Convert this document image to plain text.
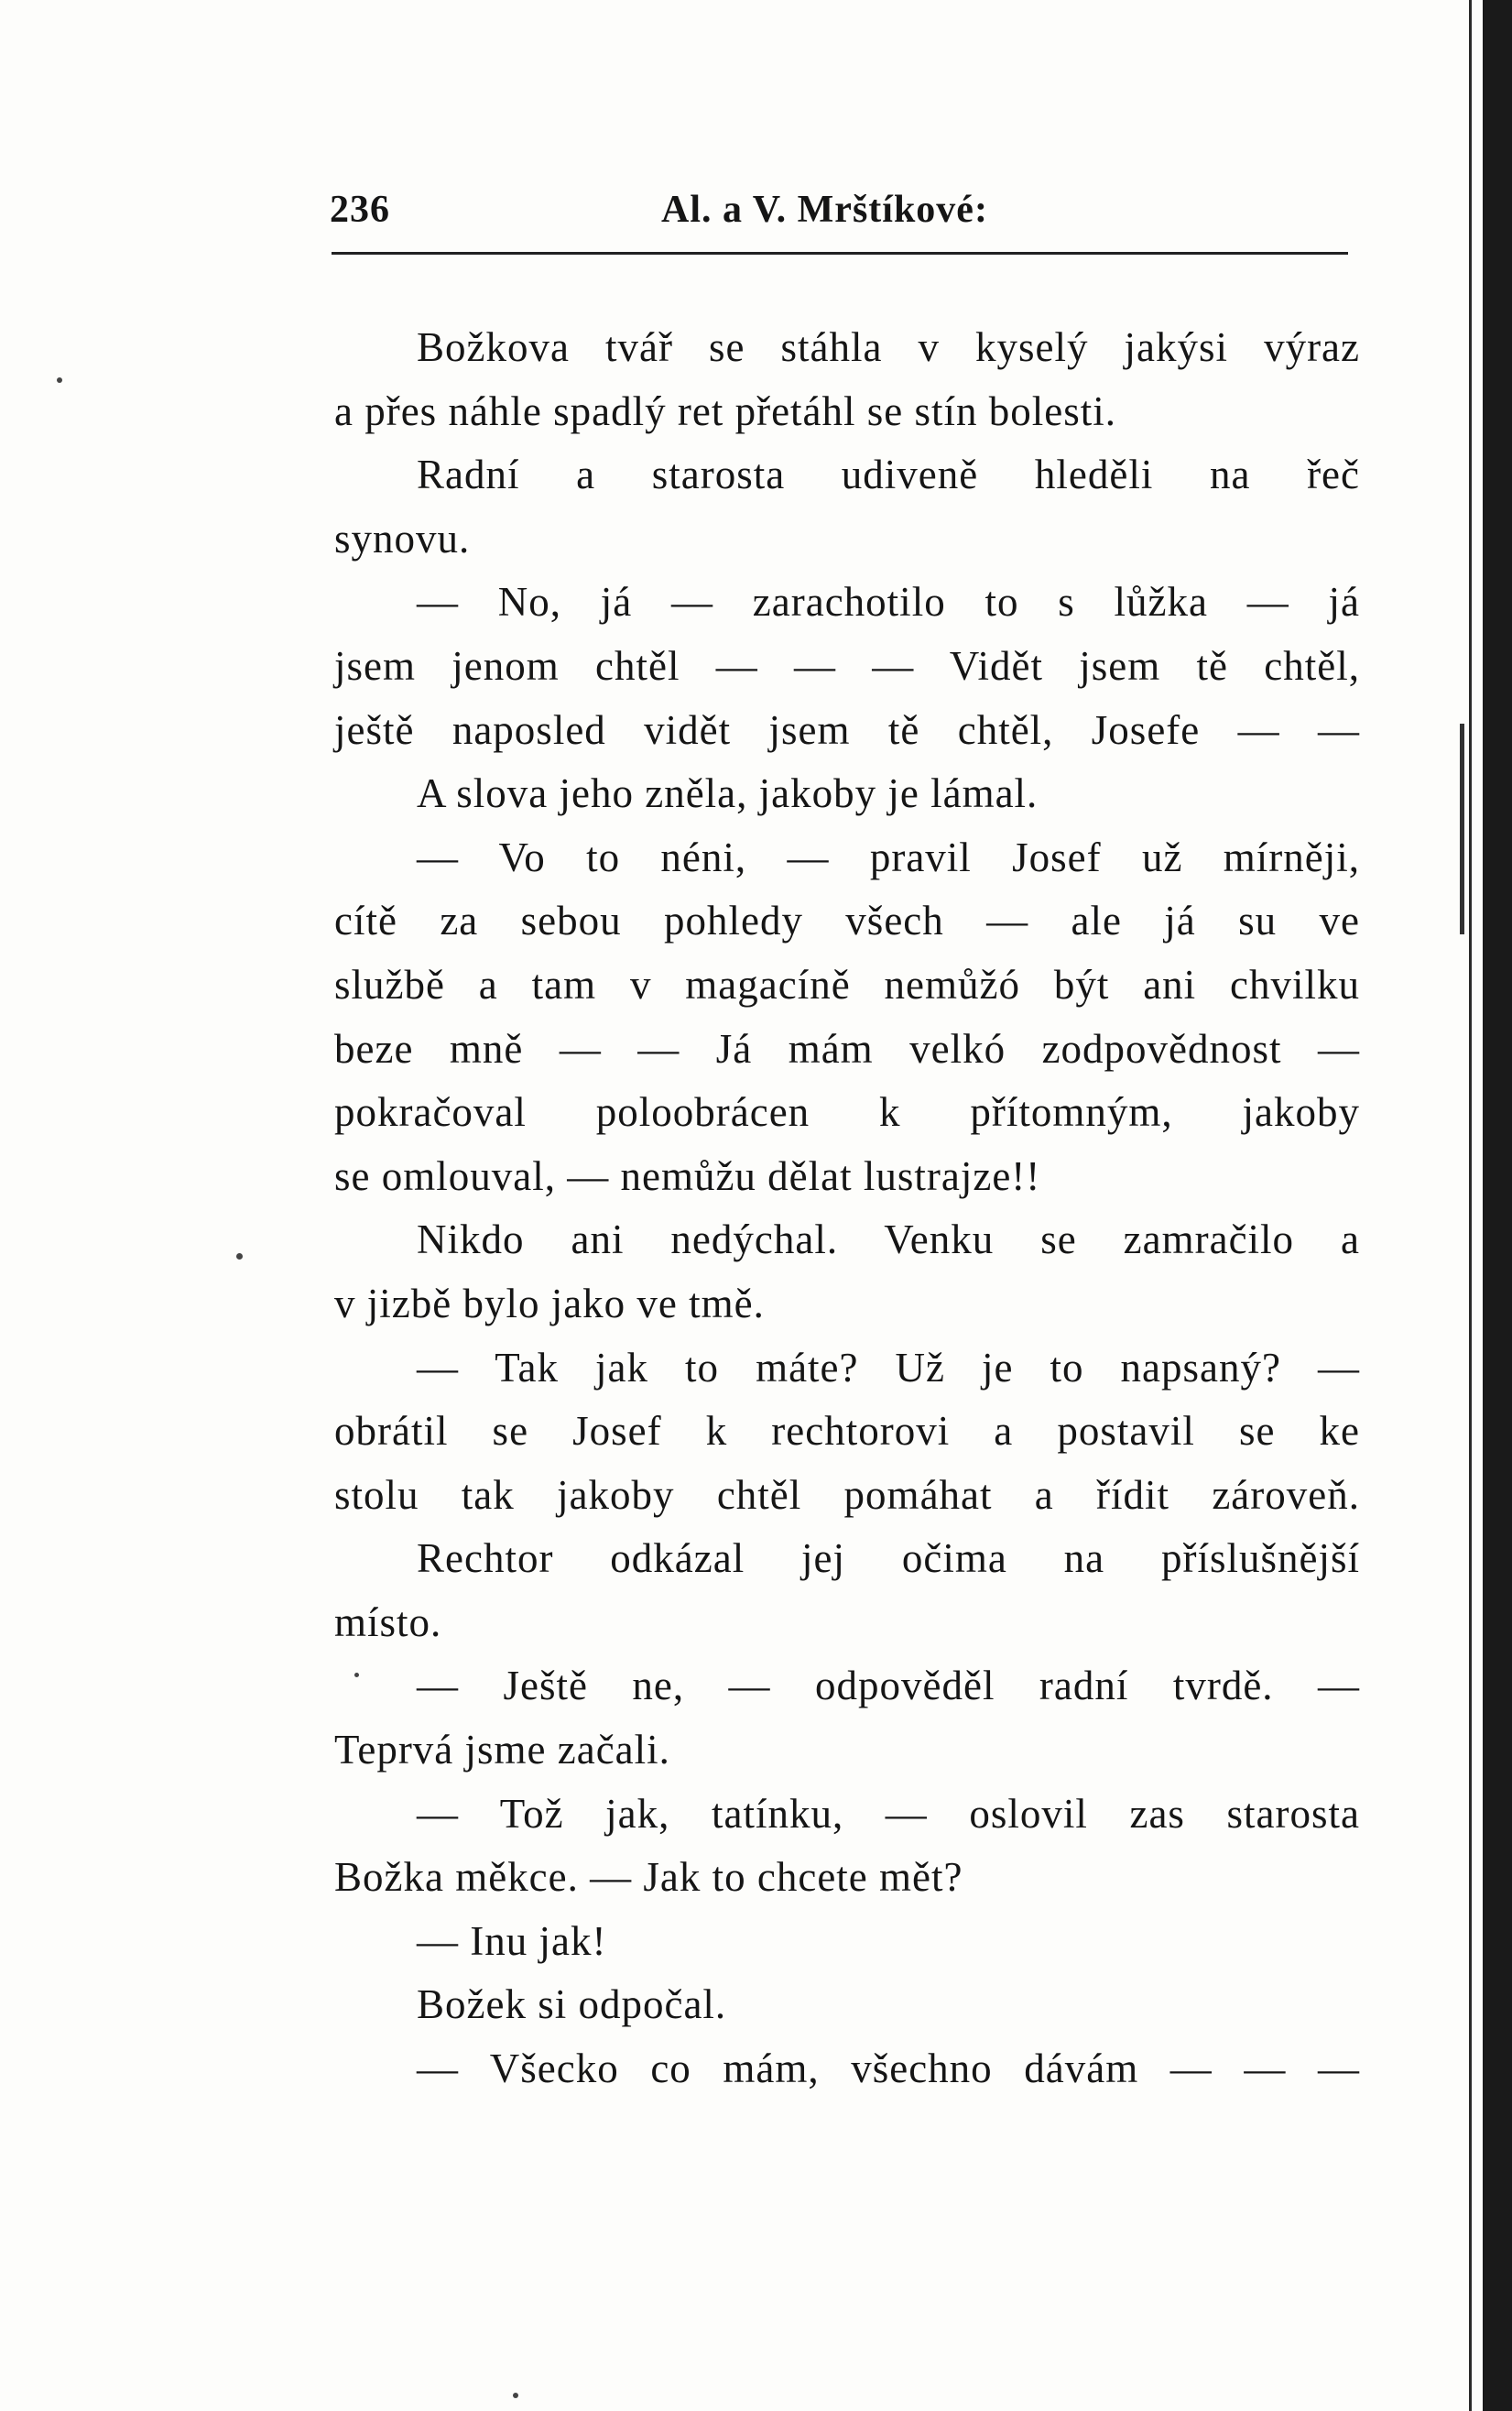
236	Al. a V. Mrštíkové:
Božkova tvář se stáhla v kyselý jakýsi výraz
a přes náhle spadlý ret přetáhl se stín bolesti.
Radní a starosta udiveně hleděli na řeč
synovu.
— No, já — zarachotilo to s lůžka — já
jsem jenom chtěl — — — Vidět jsem tě chtěl,
ještě naposled vidět jsem tě chtěl, Josefe — —
A slova jeho zněla, jakoby je lámal.
— Vo to néni, — pravil Josef už mírněji,
cítě za sebou pohledy všech — ale já su ve
službě a tam v magacíně nemůžó být ani chvilku
beze mně — — Já mám velkó zodpovědnost —
pokračoval poloobrácen k přítomným, jakoby
se omlouval, — nemůžu dělat lustrajze!!
Nikdo ani nedýchal. Venku se zamračilo a
v jizbě bylo jako ve tmě.
— Tak jak to máte? Už je to napsaný? —
obrátil se Josef k rechtorovi a postavil se ke
stolu tak jakoby chtěl pomáhat a řídit zároveň.
Rechtor odkázal jej očima na příslušnější
místo.
— Ještě ne, — odpověděl radní tvrdě. —
Teprvá jsme začali.
— Tož jak, tatínku, — oslovil zas starosta
Božka měkce. — Jak to chcete mět?
— Inu jak!
Božek si odpočal.
— Všecko co mám, všechno dávám — — —
